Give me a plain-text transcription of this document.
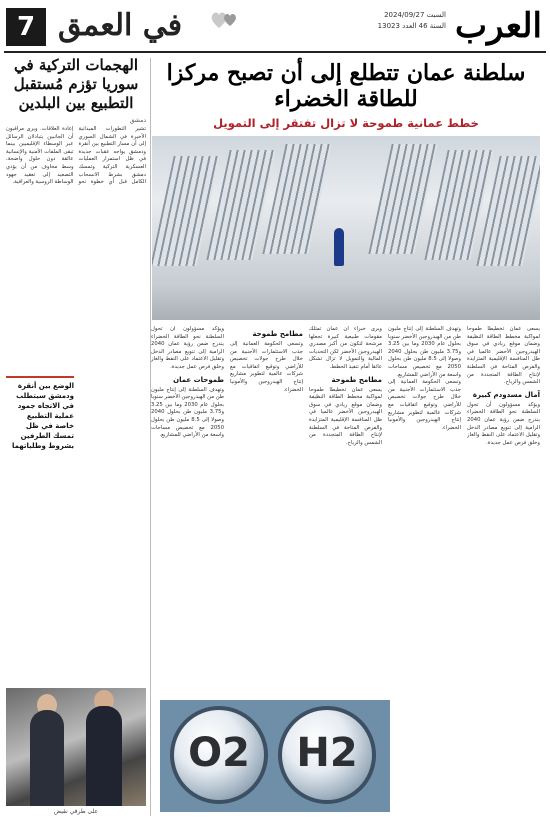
العرب
السبت 2024/09/27
السنة 46 العدد 13023
في العمق
7
الهجمات التركية في سوريا تؤزم مُستقبل التطبيع بين البلدين
دمشق

تشير التطورات الميدانية الأخيرة في الشمال السوري إلى أن مسار التطبيع بين أنقرة ودمشق يواجه عقبات جديدة في ظل استمرار العمليات العسكرية التركية وتمسك دمشق بشرط الانسحاب الكامل قبل أي خطوة نحو إعادة العلاقات. ويرى مراقبون أن الجانبين يتبادلان الرسائل عبر الوسطاء الإقليميين بينما تبقى الملفات الأمنية والإنسانية عالقة دون حلول واضحة، وسط مخاوف من أن يؤدي التصعيد إلى تعقيد جهود الوساطة الروسية والعراقية.

الوضع بين أنقرة ودمشق سيتطلب في الاتجاه جمود عملية التطبيع خاصة في ظل تمسك الطرفين بشروط وطلباتهما
على طرفي نقيض
سلطنة عمان تتطلع إلى أن تصبح مركزا للطاقة الخضراء
خطط عمانية طموحة لا تزال تفتقر إلى التمويل

يسعى عمان تخطيطا طموحا لمواكبة مخطط الطاقة النظيفة وضمان موقع ريادي في سوق الهيدروجين الأخضر عالميا في ظل المنافسة الإقليمية المتزايدة والفرص المتاحة في السلطنة لإنتاج الطاقة المتجددة من الشمس والرياح.

آمال مسدودم كبيرة

ويؤكد مسؤولون أن تحول السلطنة نحو الطاقة الخضراء يندرج ضمن رؤية عمان 2040 الرامية إلى تنويع مصادر الدخل وتقليل الاعتماد على النفط والغاز وخلق فرص عمل جديدة.

وتهدف السلطنة إلى إنتاج مليون طن من الهيدروجين الأخضر سنويا بحلول عام 2030 وما بين 3.25 و3.75 مليون طن بحلول 2040 وصولا إلى 8.5 مليون طن بحلول 2050 مع تخصيص مساحات واسعة من الأراضي للمشاريع.

وتسعى الحكومة العمانية إلى جذب الاستثمارات الأجنبية من خلال طرح جولات تخصيص للأراضي وتوقيع اتفاقيات مع شركات عالمية لتطوير مشاريع إنتاج الهيدروجين والأمونيا الخضراء.

ويرى خبراء أن عمان تمتلك مقومات طبيعية كبيرة تجعلها مرشحة لتكون من أكبر مصدري الهيدروجين الأخضر لكن التحديات المالية والتمويل لا تزال تشكل عائقا أمام تنفيذ الخطط.

مطامح طموحة

يسعى عمان تخطيطا طموحا لمواكبة مخطط الطاقة النظيفة وضمان موقع ريادي في سوق الهيدروجين الأخضر عالميا في ظل المنافسة الإقليمية المتزايدة والفرص المتاحة في السلطنة لإنتاج الطاقة المتجددة من الشمس والرياح.

مطامح طموحة

وتسعى الحكومة العمانية إلى جذب الاستثمارات الأجنبية من خلال طرح جولات تخصيص للأراضي وتوقيع اتفاقيات مع شركات عالمية لتطوير مشاريع إنتاج الهيدروجين والأمونيا الخضراء.

ويؤكد مسؤولون أن تحول السلطنة نحو الطاقة الخضراء يندرج ضمن رؤية عمان 2040 الرامية إلى تنويع مصادر الدخل وتقليل الاعتماد على النفط والغاز وخلق فرص عمل جديدة.

طموحات عمان

وتهدف السلطنة إلى إنتاج مليون طن من الهيدروجين الأخضر سنويا بحلول عام 2030 وما بين 3.25 و3.75 مليون طن بحلول 2040 وصولا إلى 8.5 مليون طن بحلول 2050 مع تخصيص مساحات واسعة من الأراضي للمشاريع.

O2	H2
